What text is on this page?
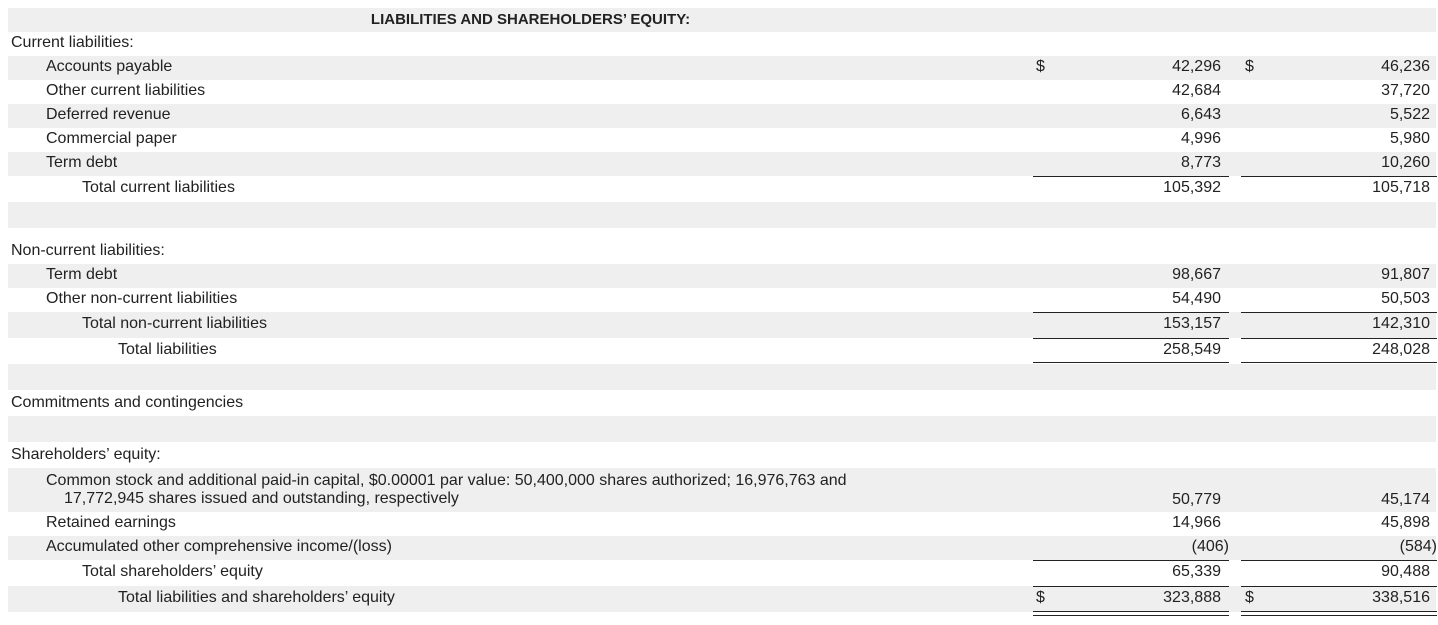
LIABILITIES AND SHAREHOLDERS’ EQUITY:
Current liabilities:
Accounts payable	$	42,296 $	46,236
Other current liabilities	42,684	37,720
Deferred revenue	6,643	5,522
Commercial paper	4,996	5,980
Term debt	8,773	10,260
Total current liabilities	105,392	105,718
Non-current liabilities:
Term debt	98,667	91,807
Other non-current liabilities	54,490	50,503
Total non-current liabilities	153,157	142,310
Total liabilities	258,549	248,028
Commitments and contingencies
Shareholders’ equity:
Common stock and additional paid-in capital, $0.00001 par value: 50,400,000 shares authorized; 16,976,763 and
17,772,945 shares issued and outstanding, respectively	50,779	45,174
Retained earnings	14,966	45,898
Accumulated other comprehensive income/(loss)	(406)	(584)
Total shareholders’ equity	65,339	90,488
Total liabilities and shareholders’ equity	$	323,888 $	338,516
